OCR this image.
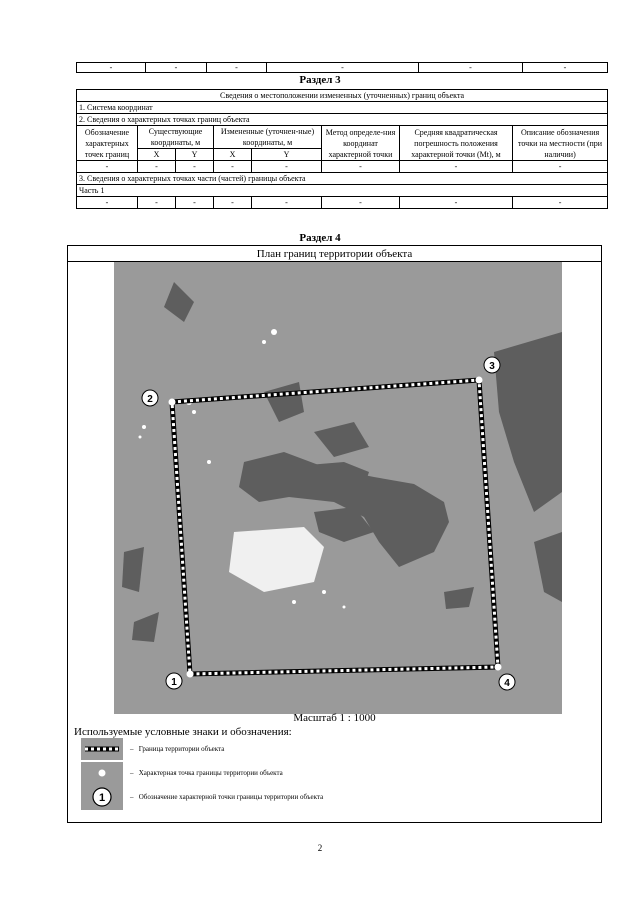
-	-	-	-	-	-
Раздел 3
Сведения о местоположении измененных (уточненных) границ объекта							
1. Система координат							
2. Сведения о характерных точках границ объекта							
Обозначение характерных точек границ	Существующие координаты, м		Измененные (уточнен-ные) координаты, м		Метод определе-ния координат характерной точки	Средняя квадратическая погрешность положения характерной точки (Mt), м	Описание обозначения точки на местности (при наличии)
	X	Y	X	Y			
-	-	-	-	-	-	-	-
3. Сведения о характерных точках части (частей) границы объекта							
Часть 1							
-	-	-	-	-	-	-	-
Раздел 4
План границ территории объекта
1
2
3
4
Масштаб 1 : 1000
Используемые условные знаки и обозначения:
– Граница территории объекта
– Характерная точка границы территории объекта
1	– Обозначение характерной точки границы территории объекта
2
